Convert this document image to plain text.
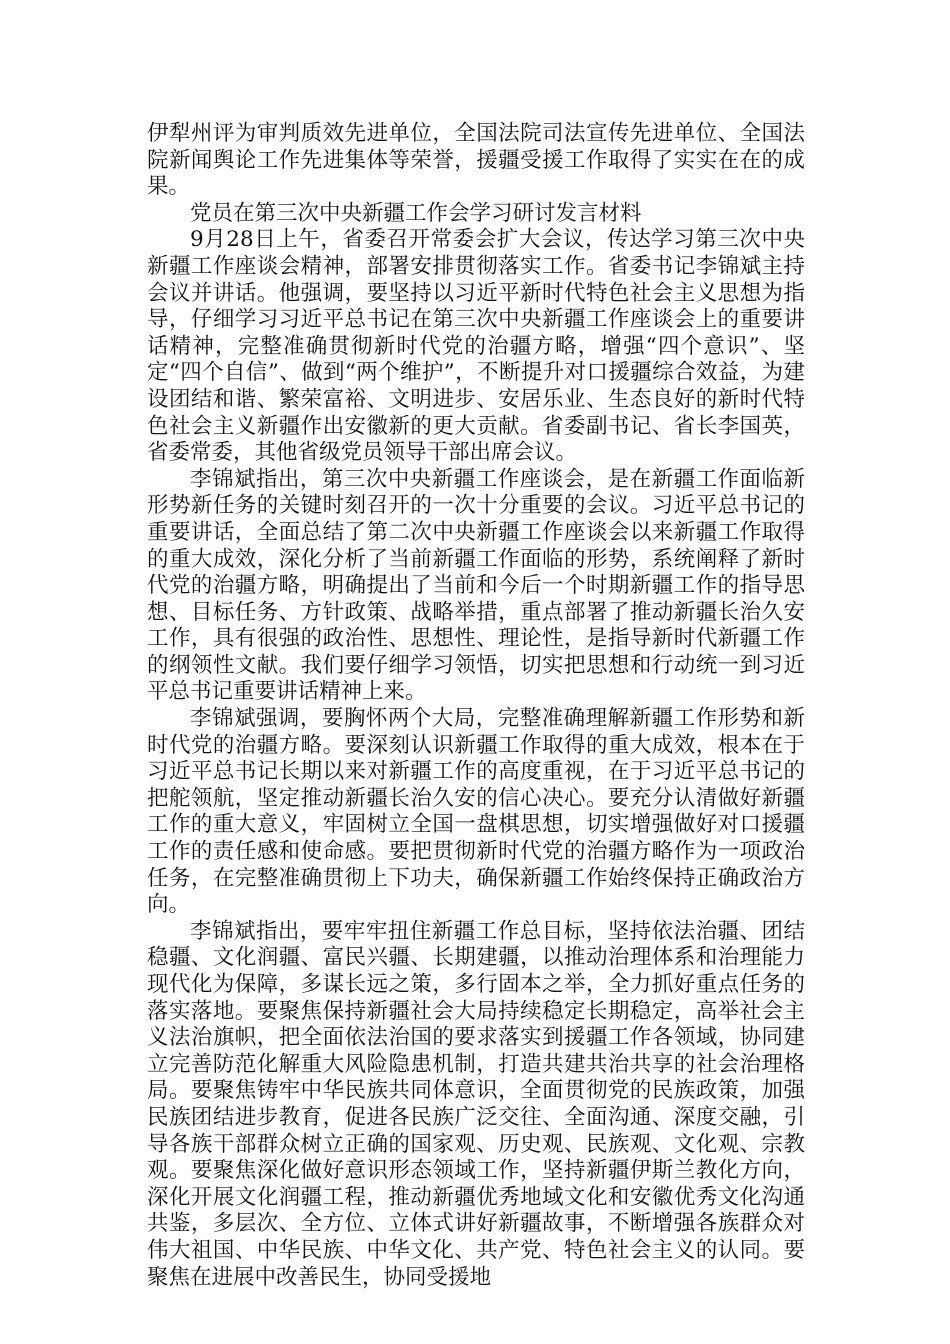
伊犁州评为审判质效先进单位，全国法院司法宣传先进单位、全国法院新闻舆论工作先进集体等荣誉，援疆受援工作取得了实实在在的成果。

党员在第三次中央新疆工作会学习研讨发言材料

9月28日上午，省委召开常委会扩大会议，传达学习第三次中央新疆工作座谈会精神，部署安排贯彻落实工作。省委书记李锦斌主持会议并讲话。他强调，要坚持以习近平新时代特色社会主义思想为指导，仔细学习习近平总书记在第三次中央新疆工作座谈会上的重要讲话精神，完整准确贯彻新时代党的治疆方略，增强“四个意识”、坚定“四个自信”、做到“两个维护”，不断提升对口援疆综合效益，为建设团结和谐、繁荣富裕、文明进步、安居乐业、生态良好的新时代特色社会主义新疆作出安徽新的更大贡献。省委副书记、省长李国英，省委常委，其他省级党员领导干部出席会议。

李锦斌指出，第三次中央新疆工作座谈会，是在新疆工作面临新形势新任务的关键时刻召开的一次十分重要的会议。习近平总书记的重要讲话，全面总结了第二次中央新疆工作座谈会以来新疆工作取得的重大成效，深化分析了当前新疆工作面临的形势，系统阐释了新时代党的治疆方略，明确提出了当前和今后一个时期新疆工作的指导思想、目标任务、方针政策、战略举措，重点部署了推动新疆长治久安工作，具有很强的政治性、思想性、理论性，是指导新时代新疆工作的纲领性文献。我们要仔细学习领悟，切实把思想和行动统一到习近平总书记重要讲话精神上来。

李锦斌强调，要胸怀两个大局，完整准确理解新疆工作形势和新时代党的治疆方略。要深刻认识新疆工作取得的重大成效，根本在于习近平总书记长期以来对新疆工作的高度重视，在于习近平总书记的把舵领航，坚定推动新疆长治久安的信心决心。要充分认清做好新疆工作的重大意义，牢固树立全国一盘棋思想，切实增强做好对口援疆工作的责任感和使命感。要把贯彻新时代党的治疆方略作为一项政治任务，在完整准确贯彻上下功夫，确保新疆工作始终保持正确政治方向。

李锦斌指出，要牢牢扭住新疆工作总目标，坚持依法治疆、团结稳疆、文化润疆、富民兴疆、长期建疆，以推动治理体系和治理能力现代化为保障，多谋长远之策，多行固本之举，全力抓好重点任务的落实落地。要聚焦保持新疆社会大局持续稳定长期稳定，高举社会主义法治旗帜，把全面依法治国的要求落实到援疆工作各领域，协同建立完善防范化解重大风险隐患机制，打造共建共治共享的社会治理格局。要聚焦铸牢中华民族共同体意识，全面贯彻党的民族政策，加强民族团结进步教育，促进各民族广泛交往、全面沟通、深度交融，引导各族干部群众树立正确的国家观、历史观、民族观、文化观、宗教观。要聚焦深化做好意识形态领域工作，坚持新疆伊斯兰教化方向，深化开展文化润疆工程，推动新疆优秀地域文化和安徽优秀文化沟通共鉴，多层次、全方位、立体式讲好新疆故事，不断增强各族群众对伟大祖国、中华民族、中华文化、共产党、特色社会主义的认同。要聚焦在进展中改善民生，协同受援地
